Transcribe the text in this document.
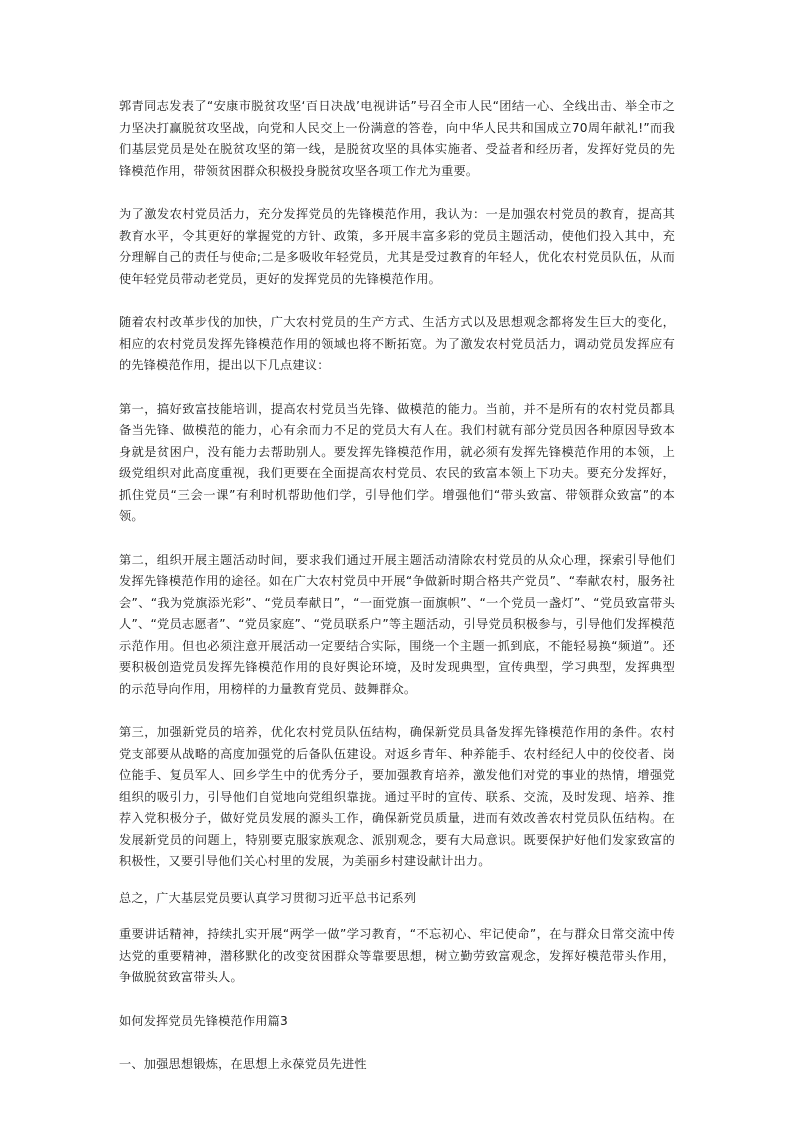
郭青同志发表了“安康市脱贫攻坚‘百日决战’电视讲话”号召全市人民“团结一心、全线出击、举全市之力坚决打赢脱贫攻坚战，向党和人民交上一份满意的答卷，向中华人民共和国成立70周年献礼!”而我们基层党员是处在脱贫攻坚的第一线，是脱贫攻坚的具体实施者、受益者和经历者，发挥好党员的先锋模范作用，带领贫困群众积极投身脱贫攻坚各项工作尤为重要。

为了激发农村党员活力，充分发挥党员的先锋模范作用，我认为：一是加强农村党员的教育，提高其教育水平，令其更好的掌握党的方针、政策，多开展丰富多彩的党员主题活动，使他们投入其中，充分理解自己的责任与使命;二是多吸收年轻党员，尤其是受过教育的年轻人，优化农村党员队伍，从而使年轻党员带动老党员，更好的发挥党员的先锋模范作用。

随着农村改革步伐的加快，广大农村党员的生产方式、生活方式以及思想观念都将发生巨大的变化，相应的农村党员发挥先锋模范作用的领域也将不断拓宽。为了激发农村党员活力，调动党员发挥应有的先锋模范作用，提出以下几点建议：

第一，搞好致富技能培训，提高农村党员当先锋、做模范的能力。当前，并不是所有的农村党员都具备当先锋、做模范的能力，心有余而力不足的党员大有人在。我们村就有部分党员因各种原因导致本身就是贫困户，没有能力去帮助别人。要发挥先锋模范作用，就必须有发挥先锋模范作用的本领，上级党组织对此高度重视，我们更要在全面提高农村党员、农民的致富本领上下功夫。要充分发挥好，抓住党员“三会一课”有利时机帮助他们学，引导他们学。增强他们“带头致富、带领群众致富”的本领。

第二，组织开展主题活动时间，要求我们通过开展主题活动清除农村党员的从众心理，探索引导他们发挥先锋模范作用的途径。如在广大农村党员中开展“争做新时期合格共产党员”、“奉献农村，服务社会”、“我为党旗添光彩”、“党员奉献日”，“一面党旗一面旗帜”、“一个党员一盏灯”、“党员致富带头人”、“党员志愿者”、“党员家庭”、“党员联系户”等主题活动，引导党员积极参与，引导他们发挥模范示范作用。但也必须注意开展活动一定要结合实际，围绕一个主题一抓到底，不能轻易换“频道”。还要积极创造党员发挥先锋模范作用的良好舆论环境，及时发现典型，宣传典型，学习典型，发挥典型的示范导向作用，用榜样的力量教育党员、鼓舞群众。

第三，加强新党员的培养，优化农村党员队伍结构，确保新党员具备发挥先锋模范作用的条件。农村党支部要从战略的高度加强党的后备队伍建设。对返乡青年、种养能手、农村经纪人中的佼佼者、岗位能手、复员军人、回乡学生中的优秀分子，要加强教育培养，激发他们对党的事业的热情，增强党组织的吸引力，引导他们自觉地向党组织靠拢。通过平时的宣传、联系、交流，及时发现、培养、推荐入党积极分子，做好党员发展的源头工作，确保新党员质量，进而有效改善农村党员队伍结构。在发展新党员的问题上，特别要克服家族观念、派别观念，要有大局意识。既要保护好他们发家致富的积极性，又要引导他们关心村里的发展，为美丽乡村建设献计出力。

总之，广大基层党员要认真学习贯彻习近平总书记系列

重要讲话精神，持续扎实开展“两学一做”学习教育，“不忘初心、牢记使命”，在与群众日常交流中传达党的重要精神，潜移默化的改变贫困群众等靠要思想，树立勤劳致富观念，发挥好模范带头作用，争做脱贫致富带头人。

如何发挥党员先锋模范作用篇3

一、加强思想锻炼，在思想上永葆党员先进性
